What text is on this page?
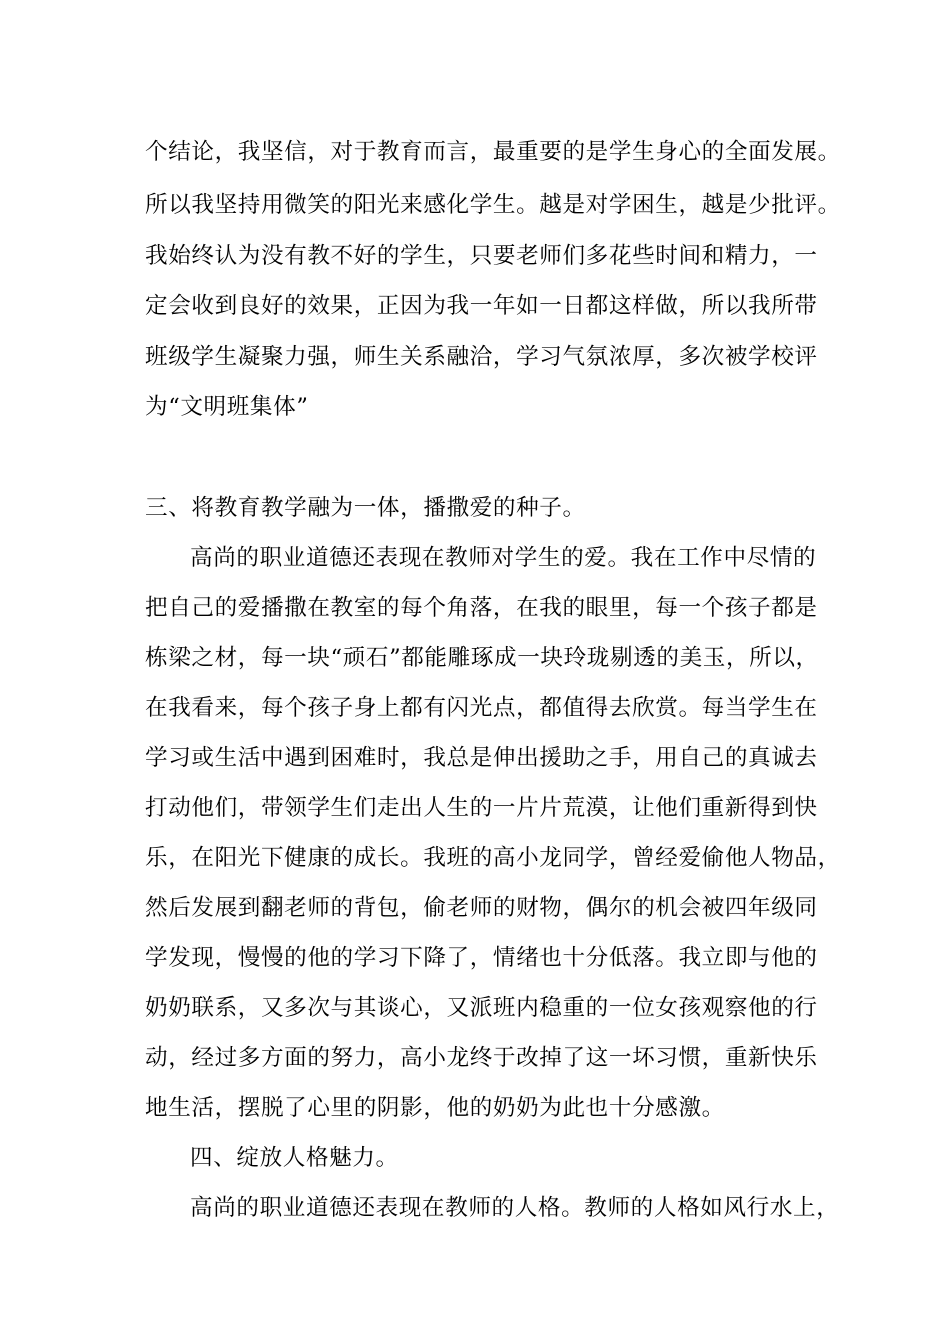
个结论，我坚信，对于教育而言，最重要的是学生身心的全面发展。
所以我坚持用微笑的阳光来感化学生。越是对学困生，越是少批评。
我始终认为没有教不好的学生，只要老师们多花些时间和精力，一
定会收到良好的效果，正因为我一年如一日都这样做，所以我所带
班级学生凝聚力强，师生关系融洽，学习气氛浓厚，多次被学校评
为“文明班集体”
三、将教育教学融为一体，播撒爱的种子。
高尚的职业道德还表现在教师对学生的爱。我在工作中尽情的
把自己的爱播撒在教室的每个角落，在我的眼里，每一个孩子都是
栋梁之材，每一块“顽石”都能雕琢成一块玲珑剔透的美玉，所以，
在我看来，每个孩子身上都有闪光点，都值得去欣赏。每当学生在
学习或生活中遇到困难时，我总是伸出援助之手，用自己的真诚去
打动他们，带领学生们走出人生的一片片荒漠，让他们重新得到快
乐，在阳光下健康的成长。我班的高小龙同学，曾经爱偷他人物品，
然后发展到翻老师的背包，偷老师的财物，偶尔的机会被四年级同
学发现，慢慢的他的学习下降了，情绪也十分低落。我立即与他的
奶奶联系，又多次与其谈心，又派班内稳重的一位女孩观察他的行
动，经过多方面的努力，高小龙终于改掉了这一坏习惯，重新快乐
地生活，摆脱了心里的阴影，他的奶奶为此也十分感激。
四、绽放人格魅力。
高尚的职业道德还表现在教师的人格。教师的人格如风行水上，
